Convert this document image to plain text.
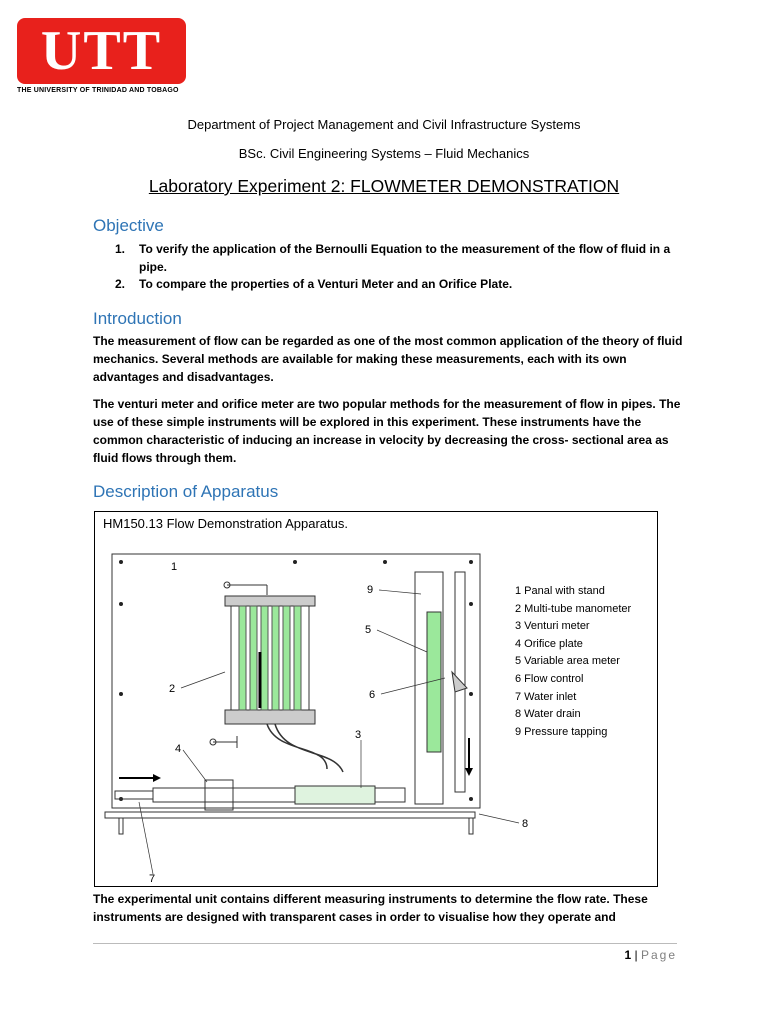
UTT
THE UNIVERSITY OF TRINIDAD AND TOBAGO
Department of Project Management and Civil Infrastructure Systems
BSc. Civil Engineering Systems – Fluid Mechanics
Laboratory Experiment 2: FLOWMETER DEMONSTRATION
Objective
1. To verify the application of the Bernoulli Equation to the measurement of the flow of fluid in a pipe.
2. To compare the properties of a Venturi Meter and an Orifice Plate.
Introduction
The measurement of flow can be regarded as one of the most common application of the theory of fluid mechanics. Several methods are available for making these measurements, each with its own advantages and disadvantages.
The venturi meter and orifice meter are two popular methods for the measurement of flow in pipes. The use of these simple instruments will be explored in this experiment. These instruments have the common characteristic of inducing an increase in velocity by decreasing the cross- sectional area as fluid flows through them.
Description of Apparatus
HM150.13 Flow Demonstration Apparatus.
2
4
3
9
5
6
8
7
1 Panal with stand
2 Multi-tube manometer
3 Venturi meter
4 Orifice plate
5 Variable area meter
6 Flow control
7 Water inlet
8 Water drain
9 Pressure tapping
1
The experimental unit contains different measuring instruments to determine the flow rate. These instruments are designed with transparent cases in order to visualise how they operate and
1 | Page
